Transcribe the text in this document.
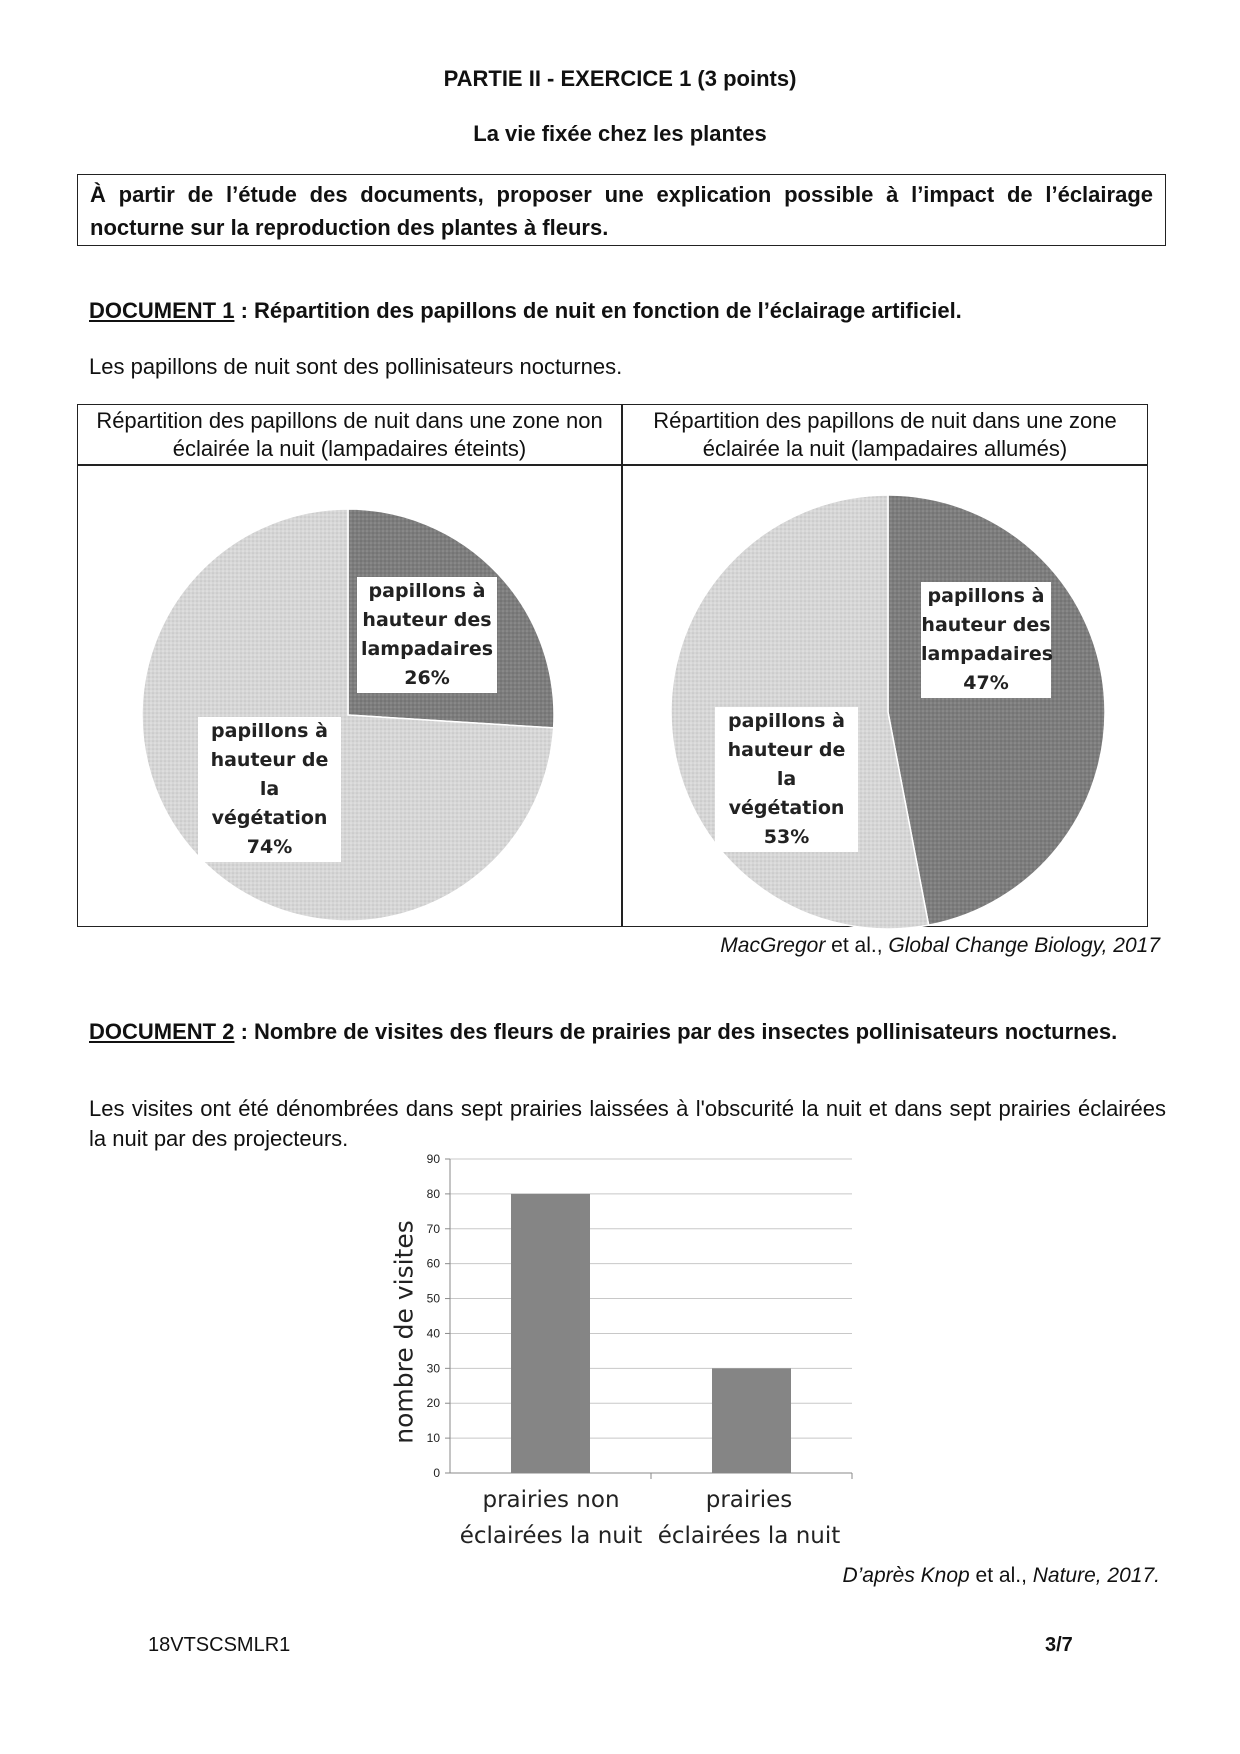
PARTIE II - EXERCICE 1 (3 points)
La vie fixée chez les plantes
À partir de l’étude des documents, proposer une explication possible à l’impact de l’éclairage nocturne sur la reproduction des plantes à fleurs.
DOCUMENT 1 : Répartition des papillons de nuit en fonction de l’éclairage artificiel.
Les papillons de nuit sont des pollinisateurs nocturnes.
Répartition des papillons de nuit dans une zone non éclairée la nuit (lampadaires éteints)
Répartition des papillons de nuit dans une zone éclairée la nuit (lampadaires allumés)
0
10
20
30
40
50
60
70
80
90
papillons à
hauteur des
lampadaires
26%
papillons à
hauteur de la
végétation
74%
papillons à
hauteur des
lampadaires
47%
papillons à
hauteur de la
végétation
53%
MacGregor et al., Global Change Biology, 2017
DOCUMENT 2 : Nombre de visites des fleurs de prairies par des insectes pollinisateurs nocturnes.
Les visites ont été dénombrées dans sept prairies laissées à l'obscurité la nuit et dans sept prairies éclairées la nuit par des projecteurs.
nombre de visites
prairies non
éclairées la nuit
prairies
éclairées la nuit
D’après Knop et al., Nature, 2017.
18VTSCSMLR1	3/7
